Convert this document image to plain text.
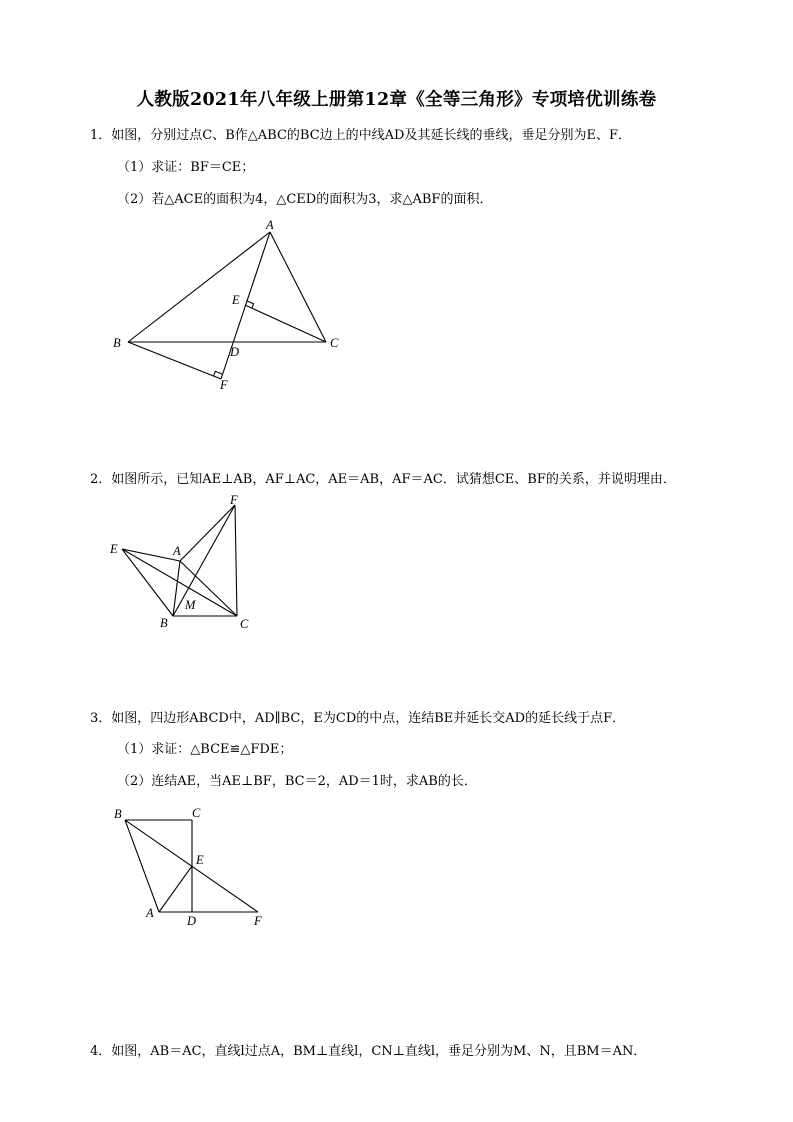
人教版2021年八年级上册第12章《全等三角形》专项培优训练卷
1．如图，分别过点C、B作△ABC的BC边上的中线AD及其延长线的垂线，垂足分别为E、F．
（1）求证：BF＝CE；
（2）若△ACE的面积为4，△CED的面积为3，求△ABF的面积．
A
B	C
D
E
F
2．如图所示，已知AE⊥AB，AF⊥AC，AE＝AB，AF＝AC．试猜想CE、BF的关系，并说明理由．
E	A
F
M
B	C
3．如图，四边形ABCD中，AD∥BC，E为CD的中点，连结BE并延长交AD的延长线于点F．
（1）求证：△BCE≌△FDE；
（2）连结AE，当AE⊥BF，BC＝2，AD＝1时，求AB的长．
B	C
E
A
D	F
4．如图，AB＝AC，直线l过点A，BM⊥直线l，CN⊥直线l，垂足分别为M、N，且BM＝AN．
